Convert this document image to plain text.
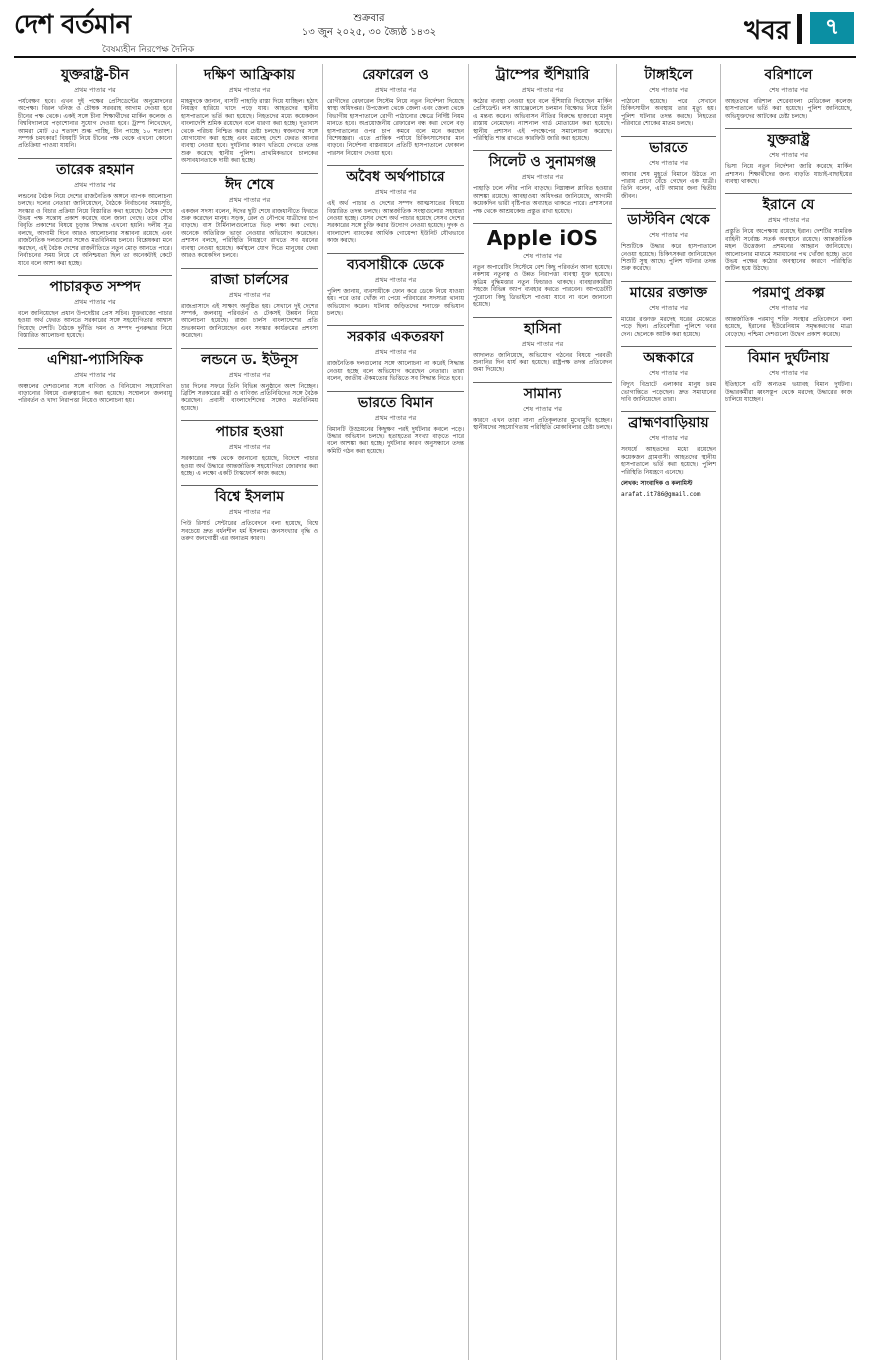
দেশ বর্তমান
বৈষম্যহীন নিরপেক্ষ দৈনিক
শুক্রবার
১৩ জুন ২০২৫, ৩০ জ্যৈষ্ঠ ১৪৩২	খবর	৭
যুক্তরাষ্ট্র-চীন
প্রথম পাতার পর
পর্যবেক্ষণ হবে। এখন দুই পক্ষের প্রেসিডেন্টের অনুমোদনের অপেক্ষা। বিরল খনিজ ও চৌম্বক সরবরাহ আগাম দেওয়া হবে চীনের পক্ষ থেকে। একই সঙ্গে চীনা শিক্ষার্থীদের মার্কিন কলেজ ও বিশ্ববিদ্যালয়ে পড়াশোনার সুযোগ দেওয়া হবে। ট্রাম্প লিখেছেন, আমরা মোট ৫৫ শতাংশ শুল্ক পাচ্ছি, চীন পাচ্ছে ১০ শতাংশ। সম্পর্ক চমৎকার! বিষয়টি নিয়ে চীনের পক্ষ থেকে এখনো কোনো প্রতিক্রিয়া পাওয়া যায়নি।
তারেক রহমান
প্রথম পাতার পর
লন্ডনের বৈঠক নিয়ে দেশের রাজনৈতিক অঙ্গনে ব্যাপক আলোচনা চলছে। দলের নেতারা জানিয়েছেন, বৈঠকে নির্বাচনের সময়সূচি, সংস্কার ও বিচার প্রক্রিয়া নিয়ে বিস্তারিত কথা হয়েছে। বৈঠক শেষে উভয় পক্ষ সন্তোষ প্রকাশ করেছে বলে জানা গেছে। তবে যৌথ বিবৃতি প্রকাশের বিষয়ে চূড়ান্ত সিদ্ধান্ত এখনো হয়নি। দলীয় সূত্র বলছে, আগামী দিনে আরও আলোচনার সম্ভাবনা রয়েছে এবং রাজনৈতিক দলগুলোর সঙ্গেও মতবিনিময় চলবে। বিশ্লেষকরা মনে করছেন, এই বৈঠক দেশের রাজনীতিতে নতুন মোড় আনতে পারে। নির্বাচনের সময় নিয়ে যে অনিশ্চয়তা ছিল তা অনেকটাই কেটে যাবে বলে আশা করা হচ্ছে।
পাচারকৃত সম্পদ
প্রথম পাতার পর
বলে জানিয়েছেন প্রধান উপদেষ্টার প্রেস সচিব। যুক্তরাজ্যে পাচার হওয়া অর্থ ফেরত আনতে সরকারের সঙ্গে সহযোগিতার আশ্বাস দিয়েছে দেশটি। বৈঠকে দুর্নীতি দমন ও সম্পদ পুনরুদ্ধার নিয়ে বিস্তারিত আলোচনা হয়েছে।
এশিয়া-প্যাসিফিক
প্রথম পাতার পর
অঞ্চলের দেশগুলোর সঙ্গে বাণিজ্য ও বিনিয়োগ সহযোগিতা বাড়ানোর বিষয়ে গুরুত্বারোপ করা হয়েছে। সম্মেলনে জলবায়ু পরিবর্তন ও খাদ্য নিরাপত্তা নিয়েও আলোচনা হয়।
দক্ষিণ আফ্রিকায়
প্রথম পাতার পর
মাহমুদকে জানান, বাসটি পাহাড়ি রাস্তা দিয়ে যাচ্ছিল। হঠাৎ নিয়ন্ত্রণ হারিয়ে খাদে পড়ে যায়। আহতদের স্থানীয় হাসপাতালে ভর্তি করা হয়েছে। নিহতদের মধ্যে কয়েকজন বাংলাদেশি শ্রমিক রয়েছেন বলে ধারণা করা হচ্ছে। দূতাবাস থেকে পরিচয় নিশ্চিত করার চেষ্টা চলছে। স্বজনদের সঙ্গে যোগাযোগ করা হচ্ছে এবং মরদেহ দেশে ফেরত আনার ব্যবস্থা নেওয়া হবে। দুর্ঘটনার কারণ খতিয়ে দেখতে তদন্ত শুরু করেছে স্থানীয় পুলিশ। প্রাথমিকভাবে চালকের অসাবধানতাকে দায়ী করা হচ্ছে।
ঈদ শেষে
প্রথম পাতার পর
একজন সদস্য বলেন, ঈদের ছুটি শেষে রাজধানীতে ফিরতে শুরু করেছেন মানুষ। সড়ক, রেল ও নৌপথে যাত্রীদের চাপ বাড়ছে। বাস টার্মিনালগুলোতে ভিড় লক্ষ্য করা গেছে। অনেকে অতিরিক্ত ভাড়া নেওয়ার অভিযোগ করেছেন। প্রশাসন বলছে, পরিস্থিতি নিয়ন্ত্রণে রাখতে সব ধরনের ব্যবস্থা নেওয়া হয়েছে। কর্মস্থলে যোগ দিতে মানুষের ফেরা আরও কয়েকদিন চলবে।
রাজা চার্লসের
প্রথম পাতার পর
রাজপ্রাসাদে এই সাক্ষাৎ অনুষ্ঠিত হয়। সেখানে দুই দেশের সম্পর্ক, জলবায়ু পরিবর্তন ও টেকসই উন্নয়ন নিয়ে আলোচনা হয়েছে। রাজা চার্লস বাংলাদেশের প্রতি শুভকামনা জানিয়েছেন এবং সংস্কার কার্যক্রমের প্রশংসা করেছেন।
লন্ডনে ড. ইউনূস
প্রথম পাতার পর
চার দিনের সফরে তিনি বিভিন্ন অনুষ্ঠানে অংশ নিচ্ছেন। ব্রিটিশ সরকারের মন্ত্রী ও বাণিজ্য প্রতিনিধিদের সঙ্গে বৈঠক করেছেন। প্রবাসী বাংলাদেশিদের সঙ্গেও মতবিনিময় হয়েছে।
পাচার হওয়া
প্রথম পাতার পর
সরকারের পক্ষ থেকে জানানো হয়েছে, বিদেশে পাচার হওয়া অর্থ উদ্ধারে আন্তর্জাতিক সহযোগিতা জোরদার করা হচ্ছে। এ লক্ষ্যে একটি টাস্কফোর্স কাজ করছে।
বিশ্বে ইসলাম
প্রথম পাতার পর
পিউ রিসার্চ সেন্টারের প্রতিবেদনে বলা হয়েছে, বিশ্বে সবচেয়ে দ্রুত বর্ধনশীল ধর্ম ইসলাম। জনসংখ্যার বৃদ্ধি ও তরুণ জনগোষ্ঠী এর অন্যতম কারণ।
রেফারেল ও
প্রথম পাতার পর
রোগীদের রেফারেল সিস্টেম নিয়ে নতুন নির্দেশনা দিয়েছে স্বাস্থ্য অধিদপ্তর। উপজেলা থেকে জেলা এবং জেলা থেকে বিভাগীয় হাসপাতালে রোগী পাঠানোর ক্ষেত্রে নির্দিষ্ট নিয়ম মানতে হবে। অপ্রয়োজনীয় রেফারেল বন্ধ করা গেলে বড় হাসপাতালের ওপর চাপ কমবে বলে মনে করছেন বিশেষজ্ঞরা। এতে প্রান্তিক পর্যায়ে চিকিৎসাসেবার মান বাড়বে। নির্দেশনা বাস্তবায়নে প্রতিটি হাসপাতালে ফোকাল পারসন নিয়োগ দেওয়া হবে।
অবৈধ অর্থপাচারে
প্রথম পাতার পর
এই অর্থ পাচার ও দেশের সম্পদ আত্মসাতের বিষয়ে বিস্তারিত তদন্ত চলছে। আন্তর্জাতিক সংস্থাগুলোর সহায়তা নেওয়া হচ্ছে। যেসব দেশে অর্থ পাচার হয়েছে সেসব দেশের সরকারের সঙ্গে চুক্তি করার উদ্যোগ নেওয়া হয়েছে। দুদক ও বাংলাদেশ ব্যাংকের আর্থিক গোয়েন্দা ইউনিট যৌথভাবে কাজ করছে।
ব্যবসায়ীকে ডেকে
প্রথম পাতার পর
পুলিশ জানায়, ব্যবসায়ীকে ফোন করে ডেকে নিয়ে যাওয়া হয়। পরে তার খোঁজ না পেয়ে পরিবারের সদস্যরা থানায় অভিযোগ করেন। ঘটনায় জড়িতদের শনাক্তে অভিযান চলছে।
সরকার একতরফা
প্রথম পাতার পর
রাজনৈতিক দলগুলোর সঙ্গে আলোচনা না করেই সিদ্ধান্ত নেওয়া হচ্ছে বলে অভিযোগ করেছেন নেতারা। তারা বলেন, জাতীয় ঐকমত্যের ভিত্তিতে সব সিদ্ধান্ত নিতে হবে।
ভারতে বিমান
প্রথম পাতার পর
বিমানটি উড্ডয়নের কিছুক্ষণ পরই দুর্ঘটনার কবলে পড়ে। উদ্ধার অভিযান চলছে। হতাহতের সংখ্যা বাড়তে পারে বলে আশঙ্কা করা হচ্ছে। দুর্ঘটনার কারণ অনুসন্ধানে তদন্ত কমিটি গঠন করা হয়েছে।
ট্রাম্পের হুঁশিয়ারি
প্রথম পাতার পর
কঠোর ব্যবস্থা নেওয়া হবে বলে হুঁশিয়ারি দিয়েছেন মার্কিন প্রেসিডেন্ট। লস অ্যাঞ্জেলেসে চলমান বিক্ষোভ নিয়ে তিনি এ মন্তব্য করেন। অভিবাসন নীতির বিরুদ্ধে হাজারো মানুষ রাস্তায় নেমেছেন। ন্যাশনাল গার্ড মোতায়েন করা হয়েছে। স্থানীয় প্রশাসন এই পদক্ষেপের সমালোচনা করেছে। পরিস্থিতি শান্ত রাখতে কারফিউ জারি করা হয়েছে।
সিলেট ও সুনামগঞ্জ
প্রথম পাতার পর
পাহাড়ি ঢলে নদীর পানি বাড়ছে। নিম্নাঞ্চল প্লাবিত হওয়ার আশঙ্কা রয়েছে। আবহাওয়া অধিদপ্তর জানিয়েছে, আগামী কয়েকদিন ভারী বৃষ্টিপাত অব্যাহত থাকতে পারে। প্রশাসনের পক্ষ থেকে আশ্রয়কেন্দ্র প্রস্তুত রাখা হয়েছে।
Apple iOS
শেষ পাতার পর
নতুন অপারেটিং সিস্টেমে বেশ কিছু পরিবর্তন আনা হয়েছে। নকশায় নতুনত্ব ও উন্নত নিরাপত্তা ব্যবস্থা যুক্ত হয়েছে। কৃত্রিম বুদ্ধিমত্তার নতুন ফিচারও থাকছে। ব্যবহারকারীরা সহজে বিভিন্ন অ্যাপ ব্যবহার করতে পারবেন। আপডেটটি পুরোনো কিছু ডিভাইসে পাওয়া যাবে না বলে জানানো হয়েছে।
হাসিনা
প্রথম পাতার পর
আদালত জানিয়েছে, অভিযোগ গঠনের বিষয়ে পরবর্তী শুনানির দিন ধার্য করা হয়েছে। রাষ্ট্রপক্ষ তদন্ত প্রতিবেদন জমা দিয়েছে।
সামান্য
শেষ পাতার পর
কারণে এখন তারা নানা প্রতিকূলতার মুখোমুখি হচ্ছেন। স্থানীয়দের সহযোগিতায় পরিস্থিতি মোকাবিলার চেষ্টা চলছে।
টাঙ্গাইলে
শেষ পাতার পর
পাঠানো হয়েছে। পরে সেখানে চিকিৎসাধীন অবস্থায় তার মৃত্যু হয়। পুলিশ ঘটনার তদন্ত করছে। নিহতের পরিবারে শোকের মাতম চলছে।
ভারতে
শেষ পাতার পর
আবার শেষ মুহূর্তে বিমানে উঠতে না পারায় প্রাণে বেঁচে গেছেন এক যাত্রী। তিনি বলেন, এটি আমার জন্য দ্বিতীয় জীবন।
ডাস্টবিন থেকে
শেষ পাতার পর
শিশুটিকে উদ্ধার করে হাসপাতালে নেওয়া হয়েছে। চিকিৎসকরা জানিয়েছেন শিশুটি সুস্থ আছে। পুলিশ ঘটনার তদন্ত শুরু করেছে।
মায়ের রক্তাক্ত
শেষ পাতার পর
মায়ের রক্তাক্ত মরদেহ ঘরের মেঝেতে পড়ে ছিল। প্রতিবেশীরা পুলিশে খবর দেন। ছেলেকে আটক করা হয়েছে।
অন্ধকারে
শেষ পাতার পর
বিদ্যুৎ বিভ্রাটে এলাকার মানুষ চরম ভোগান্তিতে পড়েছেন। দ্রুত সমাধানের দাবি জানিয়েছেন তারা।
ব্রাহ্মণবাড়িয়ায়
শেষ পাতার পর
সংঘর্ষে আহতদের মধ্যে রয়েছেন কয়েকজন গ্রামবাসী। আহতদের স্থানীয় হাসপাতালে ভর্তি করা হয়েছে। পুলিশ পরিস্থিতি নিয়ন্ত্রণে এনেছে।
লেখক: সাংবাদিক ও কলামিস্ট
arafat.it786@gmail.com
বরিশালে
শেষ পাতার পর
আহতদের বরিশাল শেরেবাংলা মেডিকেল কলেজ হাসপাতালে ভর্তি করা হয়েছে। পুলিশ জানিয়েছে, অভিযুক্তদের আটকের চেষ্টা চলছে।
যুক্তরাষ্ট্র
শেষ পাতার পর
ভিসা নিয়ে নতুন নির্দেশনা জারি করেছে মার্কিন প্রশাসন। শিক্ষার্থীদের জন্য বাড়তি যাচাই-বাছাইয়ের ব্যবস্থা থাকছে।
ইরানে যে
প্রথম পাতার পর
প্রস্তুতি নিয়ে অপেক্ষায় রয়েছে ইরান। দেশটির সামরিক বাহিনী সর্বোচ্চ সতর্ক অবস্থানে রয়েছে। আন্তর্জাতিক মহল উত্তেজনা প্রশমনের আহ্বান জানিয়েছে। আলোচনার মাধ্যমে সমাধানের পথ খোঁজা হচ্ছে। তবে উভয় পক্ষের কঠোর অবস্থানের কারণে পরিস্থিতি জটিল হয়ে উঠছে।
পরমাণু প্রকল্প
শেষ পাতার পর
আন্তর্জাতিক পরমাণু শক্তি সংস্থার প্রতিবেদনে বলা হয়েছে, ইরানের ইউরেনিয়াম সমৃদ্ধকরণের মাত্রা বেড়েছে। পশ্চিমা দেশগুলো উদ্বেগ প্রকাশ করেছে।
বিমান দুর্ঘটনায়
শেষ পাতার পর
ইতিহাসে এটি অন্যতম ভয়াবহ বিমান দুর্ঘটনা। উদ্ধারকর্মীরা ধ্বংসস্তূপ থেকে মরদেহ উদ্ধারের কাজ চালিয়ে যাচ্ছেন।
